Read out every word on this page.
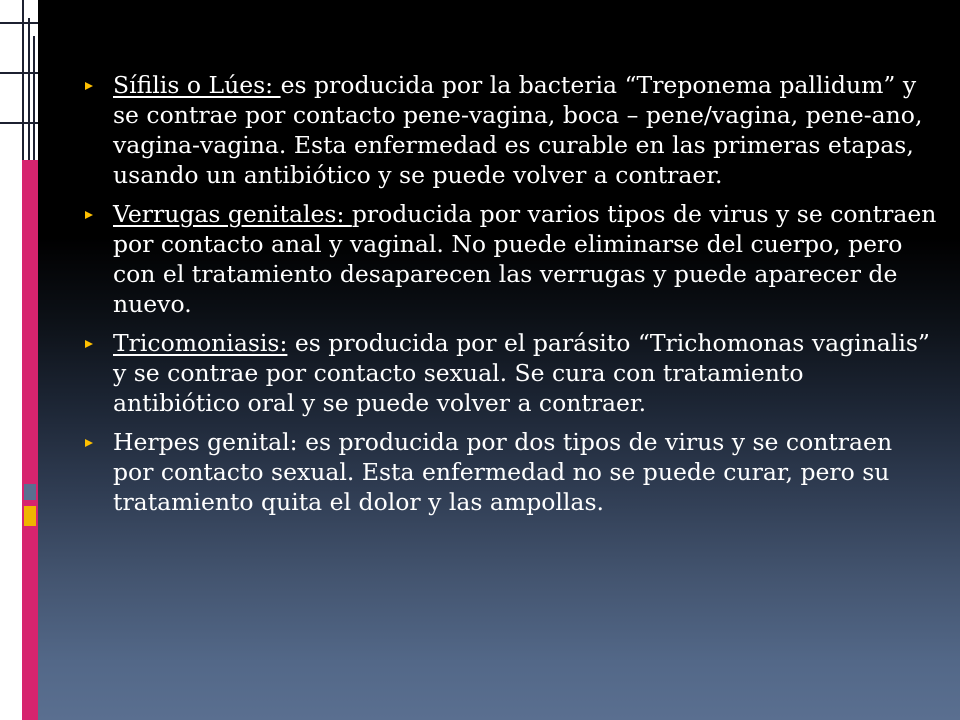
Sífilis o Lúes: es producida por la bacteria “Treponema pallidum” y se contrae por contacto pene-vagina, boca – pene/vagina, pene-ano, vagina-vagina. Esta enfermedad es curable en las primeras etapas, usando un antibiótico y se puede volver a contraer.
Verrugas genitales: producida por varios tipos de virus y se contraen por contacto anal y vaginal. No puede eliminarse del cuerpo, pero con el tratamiento desaparecen las verrugas y puede aparecer de nuevo.
Tricomoniasis: es producida por el parásito “Trichomonas vaginalis” y se contrae por contacto sexual. Se cura con tratamiento antibiótico oral y se puede volver a contraer.
Herpes genital: es producida por dos tipos de virus y se contraen por contacto sexual. Esta enfermedad no se puede curar, pero su tratamiento quita el dolor y las ampollas.
